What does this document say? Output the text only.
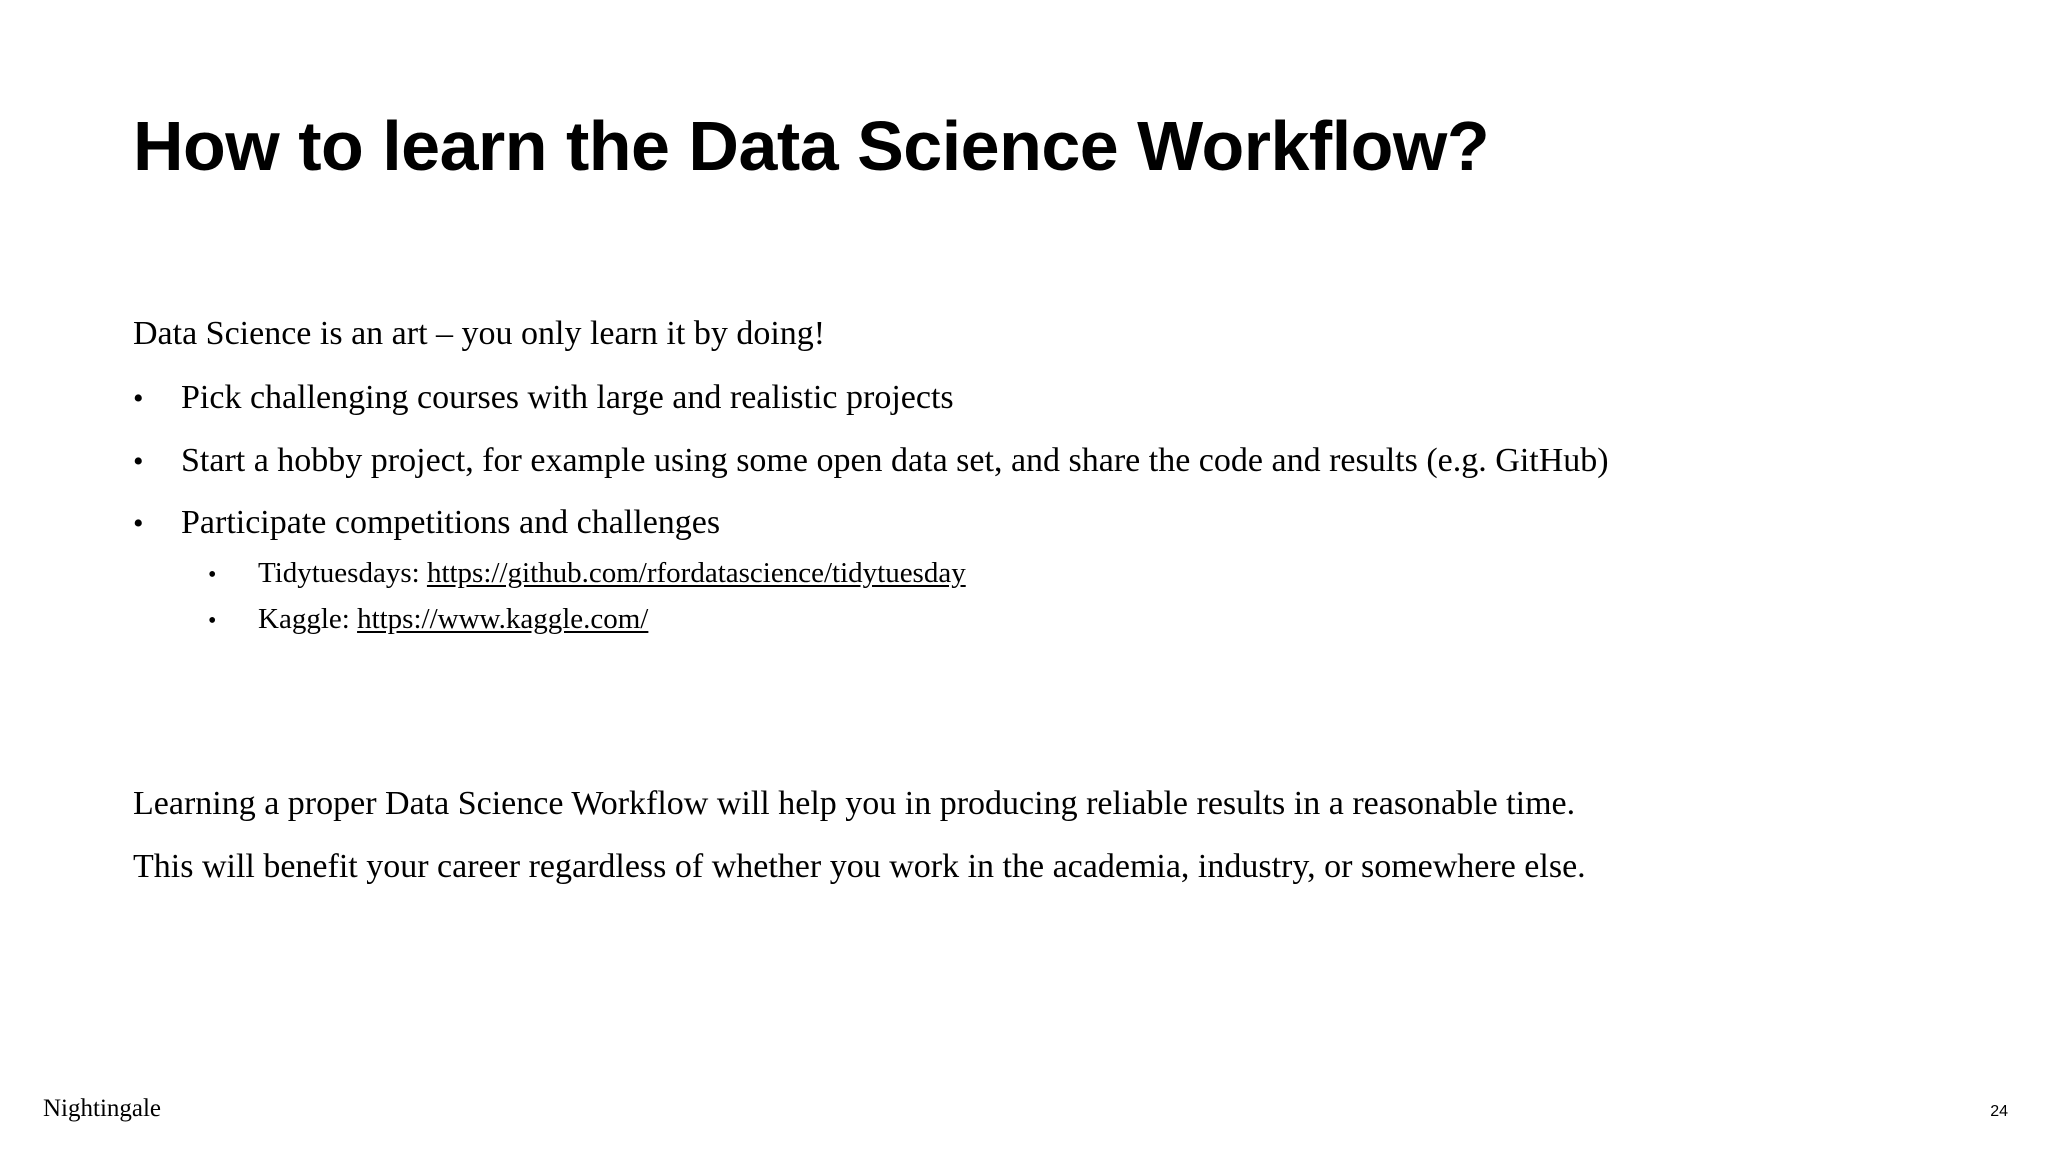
How to learn the Data Science Workflow?
Data Science is an art – you only learn it by doing!
•	Pick challenging courses with large and realistic projects
•	Start a hobby project, for example using some open data set, and share the code and results (e.g. GitHub)
•	Participate competitions and challenges
•	Tidytuesdays: https://github.com/rfordatascience/tidytuesday
•	Kaggle: https://www.kaggle.com/
Learning a proper Data Science Workflow will help you in producing reliable results in a reasonable time.
This will benefit your career regardless of whether you work in the academia, industry, or somewhere else.
Nightingale	24
